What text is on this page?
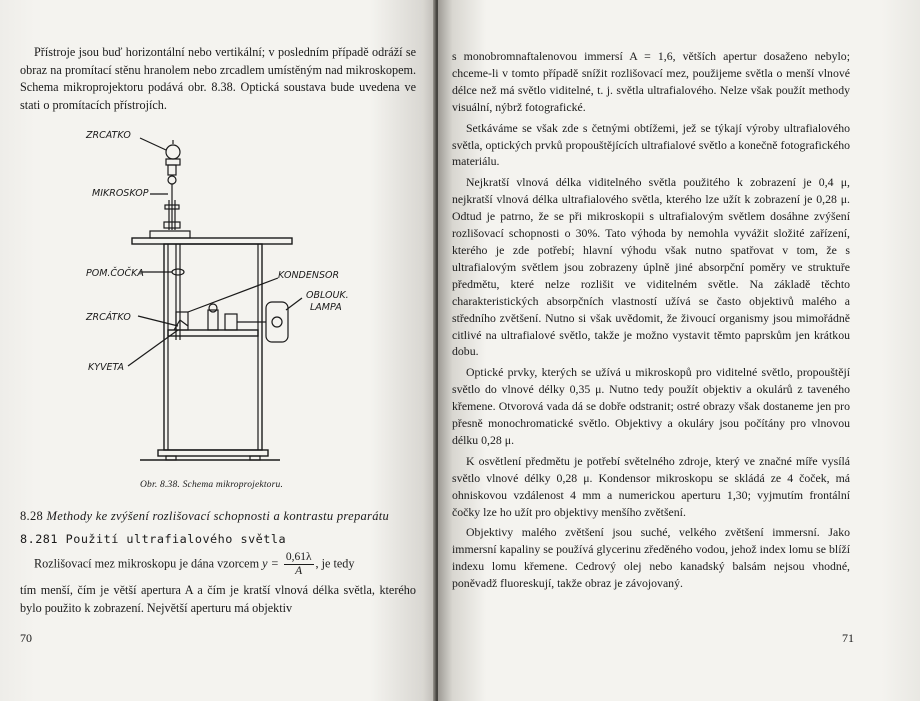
Přístroje jsou buď horizontální nebo vertikální; v posledním případě odráží se obraz na promítací stěnu hranolem nebo zrcadlem umístěným nad mikroskopem. Schema mikroprojektoru podává obr. 8.38. Optická soustava bude uvedena ve stati o promítacích přístrojích.

ZRCÁTKO
MIKROSKOP
POM.ČOČKA	KONDENSOR
OBLOUK.
LAMPA
ZRCÁTKO
KYVETA
Obr. 8.38. Schema mikroprojektoru.
8.28 Methody ke zvýšení rozlišovací schopnosti a kontrastu preparátu
8.281 Použití ultrafialového světla
Rozlišovací mez mikroskopu je dána vzorcem $y = \frac{0,61\lambda}{A}$ , je tedy

tím menší, čím je větší apertura A a čím je kratší vlnová délka světla, kterého bylo použito k zobrazení. Největší aperturu má objektiv

70

s monobromnaftalenovou immersí A = 1,6, větších apertur dosaženo nebylo; chceme-li v tomto případě snížit rozlišovací mez, použijeme světla o menší vlnové délce než má světlo viditelné, t. j. světla ultrafialového. Nelze však použít methody visuální, nýbrž fotografické.

Setkáváme se však zde s četnými obtížemi, jež se týkají výroby ultrafialového světla, optických prvků propouštějících ultrafialové světlo a konečně fotografického materiálu.

Nejkratší vlnová délka viditelného světla použitého k zobrazení je 0,4 μ, nejkratší vlnová délka ultrafialového světla, kterého lze užít k zobrazení je 0,28 μ. Odtud je patrno, že se při mikroskopii s ultrafialovým světlem dosáhne zvýšení rozlišovací schopnosti o 30%. Tato výhoda by nemohla vyvážit složité zařízení, kterého je zde potřebí; hlavní výhodu však nutno spatřovat v tom, že s ultrafialovým světlem jsou zobrazeny úplně jiné absorpční poměry ve struktuře předmětu, které nelze rozlišit ve viditelném světle. Na základě těchto charakteristických absorpčních vlastností užívá se často objektivů malého a středního zvětšení. Nutno si však uvědomit, že živoucí organismy jsou mimořádně citlivé na ultrafialové světlo, takže je možno vystavit těmto paprskům jen krátkou dobu.

Optické prvky, kterých se užívá u mikroskopů pro viditelné světlo, propouštějí světlo do vlnové délky 0,35 μ. Nutno tedy použít objektiv a okulárů z taveného křemene. Otvorová vada dá se dobře odstranit; ostré obrazy však dostaneme jen pro přesně monochromatické světlo. Objektivy a okuláry jsou počítány pro vlnovou délku 0,28 μ.

K osvětlení předmětu je potřebí světelného zdroje, který ve značné míře vysílá světlo vlnové délky 0,28 μ. Kondensor mikroskopu se skládá ze 4 čoček, má ohniskovou vzdálenost 4 mm a numerickou aperturu 1,30; vyjmutím frontální čočky lze ho užít pro objektivy menšího zvětšení.

Objektivy malého zvětšení jsou suché, velkého zvětšení immersní. Jako immersní kapaliny se používá glycerinu zředěného vodou, jehož index lomu se blíží indexu lomu křemene. Cedrový olej nebo kanadský balsám nejsou vhodné, poněvadž fluoreskují, takže obraz je závojovaný.

71
